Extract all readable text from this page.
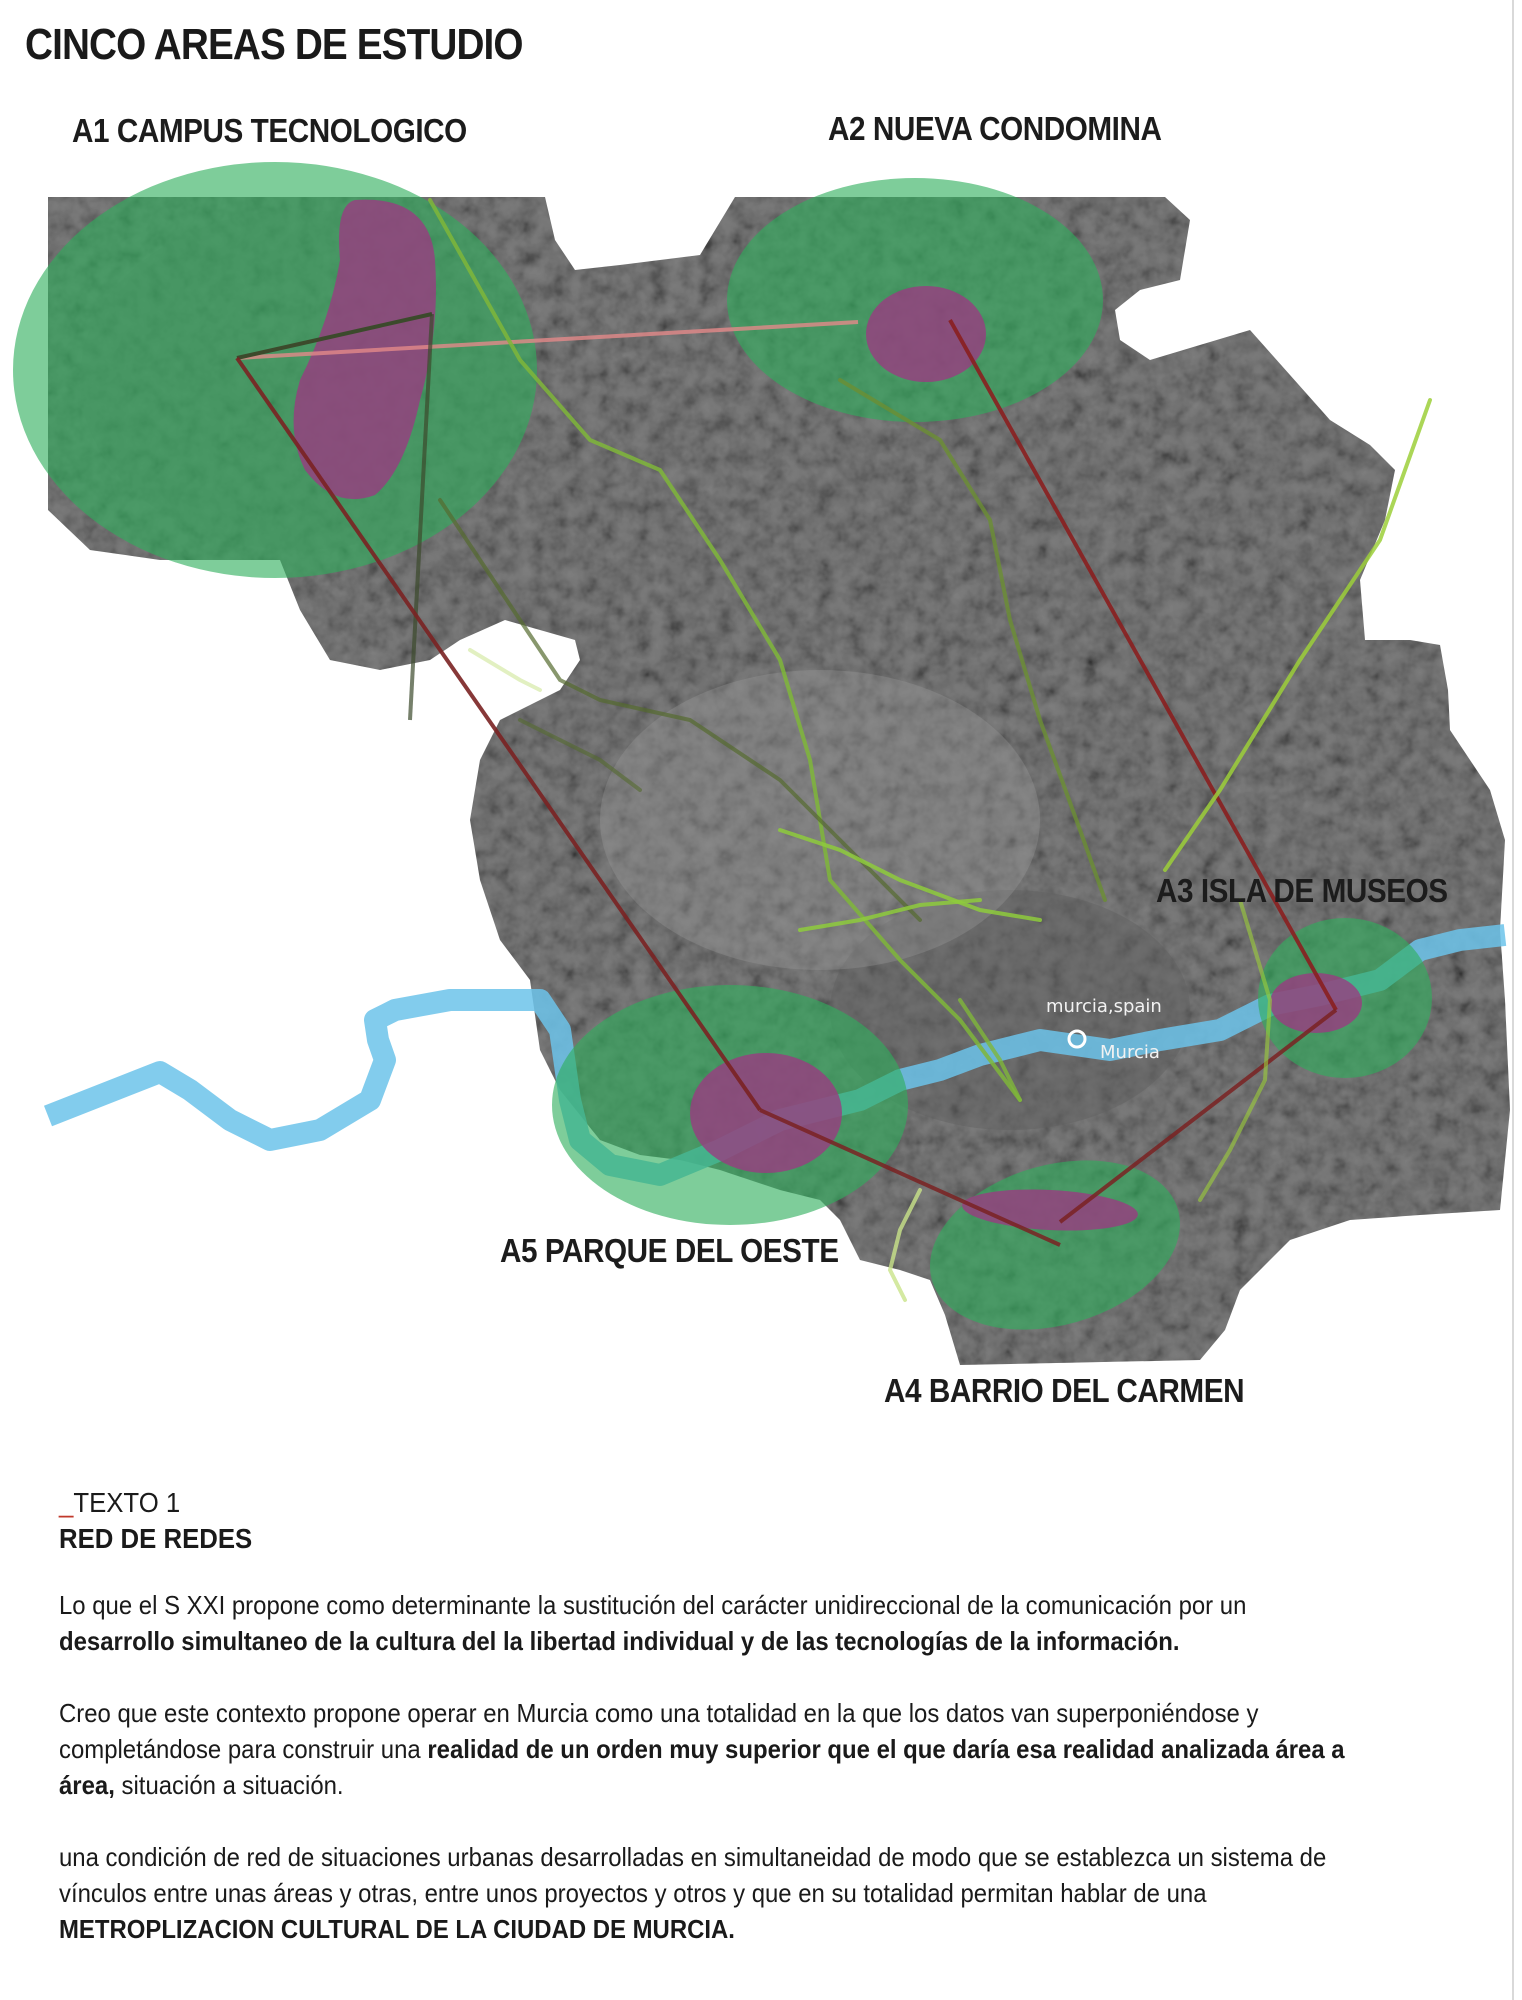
CINCO AREAS DE ESTUDIO
murcia,spain
Murcia
A1 CAMPUS TECNOLOGICO	A2 NUEVA CONDOMINA
A3 ISLA DE MUSEOS
A5 PARQUE DEL OESTE
A4 BARRIO DEL CARMEN

_TEXTO 1

RED DE REDES

Lo que el S XXI propone como determinante la sustitución del carácter unidireccional de la comunicación por un desarrollo simultaneo de la cultura del la libertad individual y de las tecnologías de la información.

Creo que este contexto propone operar en Murcia como una totalidad en la que los datos van superponiéndose y completándose para construir una realidad de un orden muy superior que el que daría esa realidad analizada área a área, situación a situación.

una condición de red de situaciones urbanas desarrolladas en simultaneidad de modo que se establezca un sistema de vínculos entre unas áreas y otras, entre unos proyectos y otros y que en su totalidad permitan hablar de una METROPLIZACION CULTURAL DE LA CIUDAD DE MURCIA.
